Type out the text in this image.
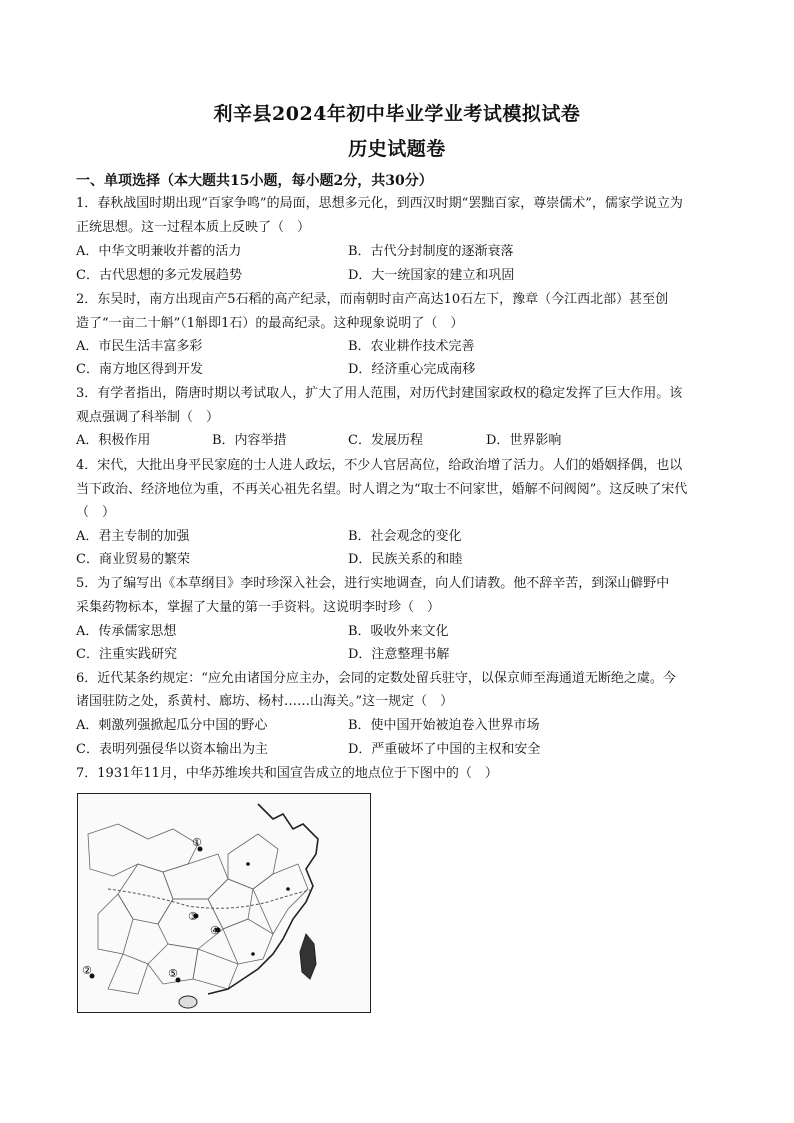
利辛县2024年初中毕业学业考试模拟试卷
历史试题卷
一、单项选择（本大题共15小题，每小题2分，共30分）
1．春秋战国时期出现“百家争鸣”的局面，思想多元化，到西汉时期“罢黜百家，尊崇儒术”，儒家学说立为
正统思想。这一过程本质上反映了（　）
A．中华文明兼收并蓄的活力	B．古代分封制度的逐渐衰落
C．古代思想的多元发展趋势	D．大一统国家的建立和巩固
2．东吴时，南方出现亩产5石稻的高产纪录，而南朝时亩产高达10石左下，豫章（今江西北部）甚至创
造了“一亩二十斛”（1斛即1石）的最高纪录。这种现象说明了（　）
A．市民生活丰富多彩	B．农业耕作技术完善
C．南方地区得到开发	D．经济重心完成南移
3．有学者指出，隋唐时期以考试取人，扩大了用人范围，对历代封建国家政权的稳定发挥了巨大作用。该
观点强调了科举制（　）
A．积极作用	B．内容举措	C．发展历程	D．世界影响
4．宋代，大批出身平民家庭的士人进人政坛，不少人官居高位，给政治增了活力。人们的婚姻择偶，也以
当下政治、经济地位为重，不再关心祖先名望。时人谓之为“取士不问家世，婚解不问阀阅”。这反映了宋代
（　）
A．君主专制的加强	B．社会观念的变化
C．商业贸易的繁荣	D．民族关系的和睦
5．为了编写出《本草纲目》李时珍深入社会，进行实地调查，向人们请教。他不辞辛苦，到深山僻野中
采集药物标本，掌握了大量的第一手资料。这说明李时珍（　）
A．传承儒家思想	B．吸收外来文化
C．注重实践研究	D．注意整理书解
6．近代某条约规定：“应允由诸国分应主办，会同的定数处留兵驻守，以保京师至海通道无断绝之虞。今
诸国驻防之处，系黄村、廊坊、杨村……山海关。”这一规定（　）
A．刺激列强掀起瓜分中国的野心	B．使中国开始被迫卷入世界市场
C．表明列强侵华以资本输出为主	D．严重破坏了中国的主权和安全
7．1931年11月，中华苏维埃共和国宣告成立的地点位于下图中的（　）
①
②
③
④
⑤
